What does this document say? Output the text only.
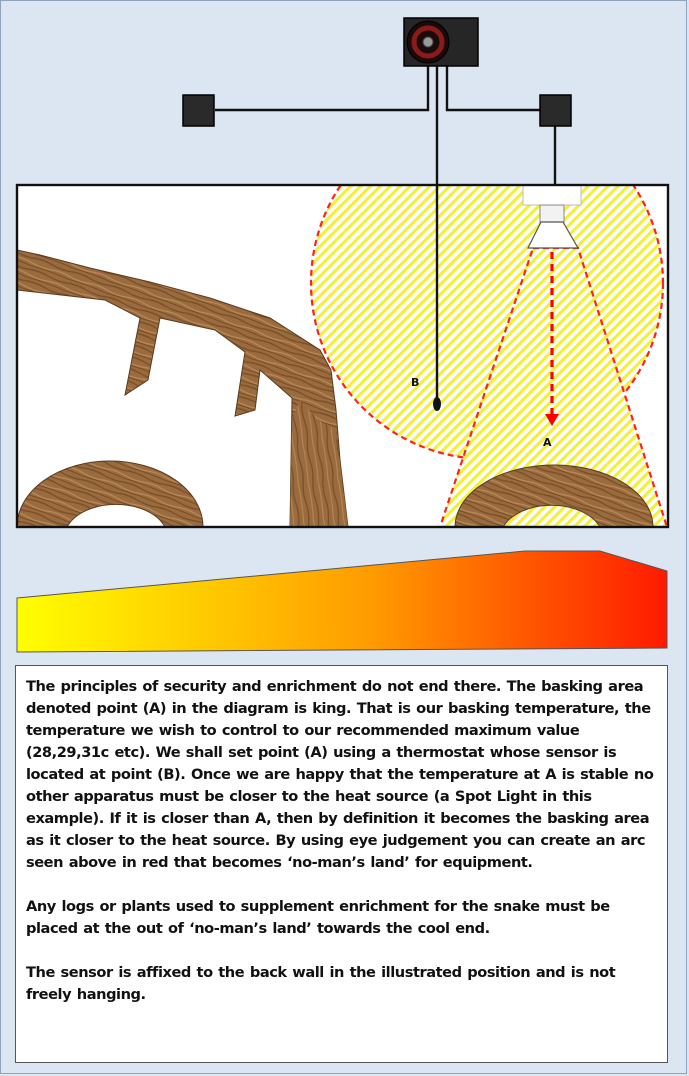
B
A

The principles of security and enrichment do not end there. The basking area denoted point (A) in the diagram is king. That is our basking temperature, the temperature we wish to control to our recommended maximum value (28,29,31c etc). We shall set point (A) using a thermostat whose sensor is located at point (B). Once we are happy that the temperature at A is stable no other apparatus must be closer to the heat source (a Spot Light in this example). If it is closer than A, then by definition it becomes the basking area as it closer to the heat source. By using eye judgement you can create an arc seen above in red that becomes ‘no-man’s land’ for equipment.

Any logs or plants used to supplement enrichment for the snake must be placed at the out of ‘no-man’s land’ towards the cool end.

The sensor is affixed to the back wall in the illustrated position and is not freely hanging.
